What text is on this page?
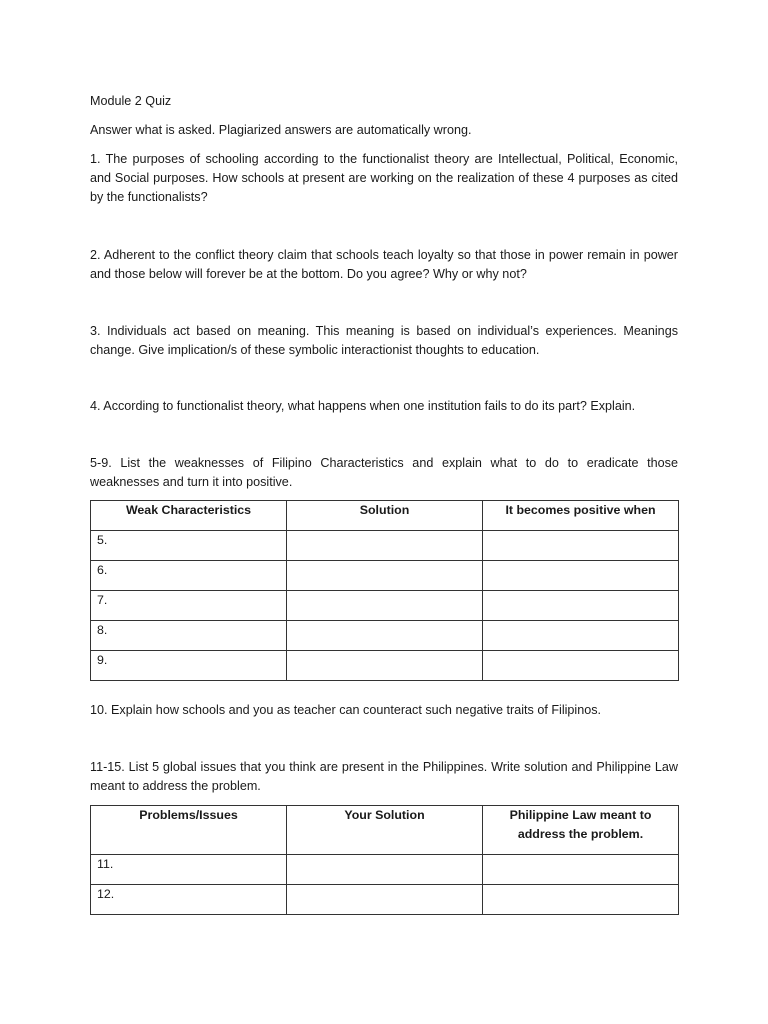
Module 2 Quiz

Answer what is asked. Plagiarized answers are automatically wrong.

1. The purposes of schooling according to the functionalist theory are Intellectual, Political, Economic, and Social purposes. How schools at present are working on the realization of these 4 purposes as cited by the functionalists?

2. Adherent to the conflict theory claim that schools teach loyalty so that those in power remain in power and those below will forever be at the bottom. Do you agree? Why or why not?

3. Individuals act based on meaning. This meaning is based on individual’s experiences. Meanings change. Give implication/s of these symbolic interactionist thoughts to education.

4. According to functionalist theory, what happens when one institution fails to do its part? Explain.

5-9. List the weaknesses of Filipino Characteristics and explain what to do to eradicate those weaknesses and turn it into positive.

Weak Characteristics	Solution	It becomes positive when
5.		
6.		
7.		
8.		
9.		

10. Explain how schools and you as teacher can counteract such negative traits of Filipinos.

11-15. List 5 global issues that you think are present in the Philippines. Write solution and Philippine Law meant to address the problem.

Problems/Issues	Your Solution	Philippine Law meant to address the problem.
11.		
12.		
